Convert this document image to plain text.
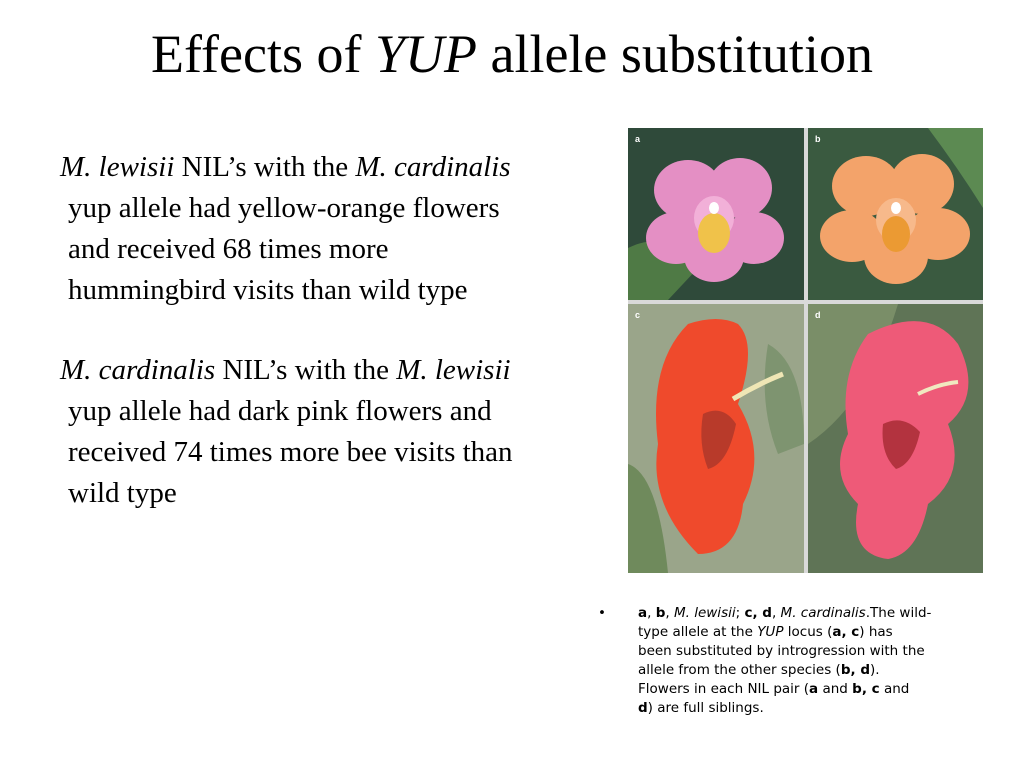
Effects of YUP allele substitution
M. lewisii NIL’s with the M. cardinalis
yup allele had yellow-orange flowers
and received 68 times more
hummingbird visits than wild type
M. cardinalis NIL’s with the M. lewisii
yup allele had dark pink flowers and
received 74 times more bee visits than
wild type
a	b
c	d
• a, b, M. lewisii; c, d, M. cardinalis.The wild-
type allele at the YUP locus (a, c) has
been substituted by introgression with the
allele from the other species (b, d).
Flowers in each NIL pair (a and b, c and
d) are full siblings.
